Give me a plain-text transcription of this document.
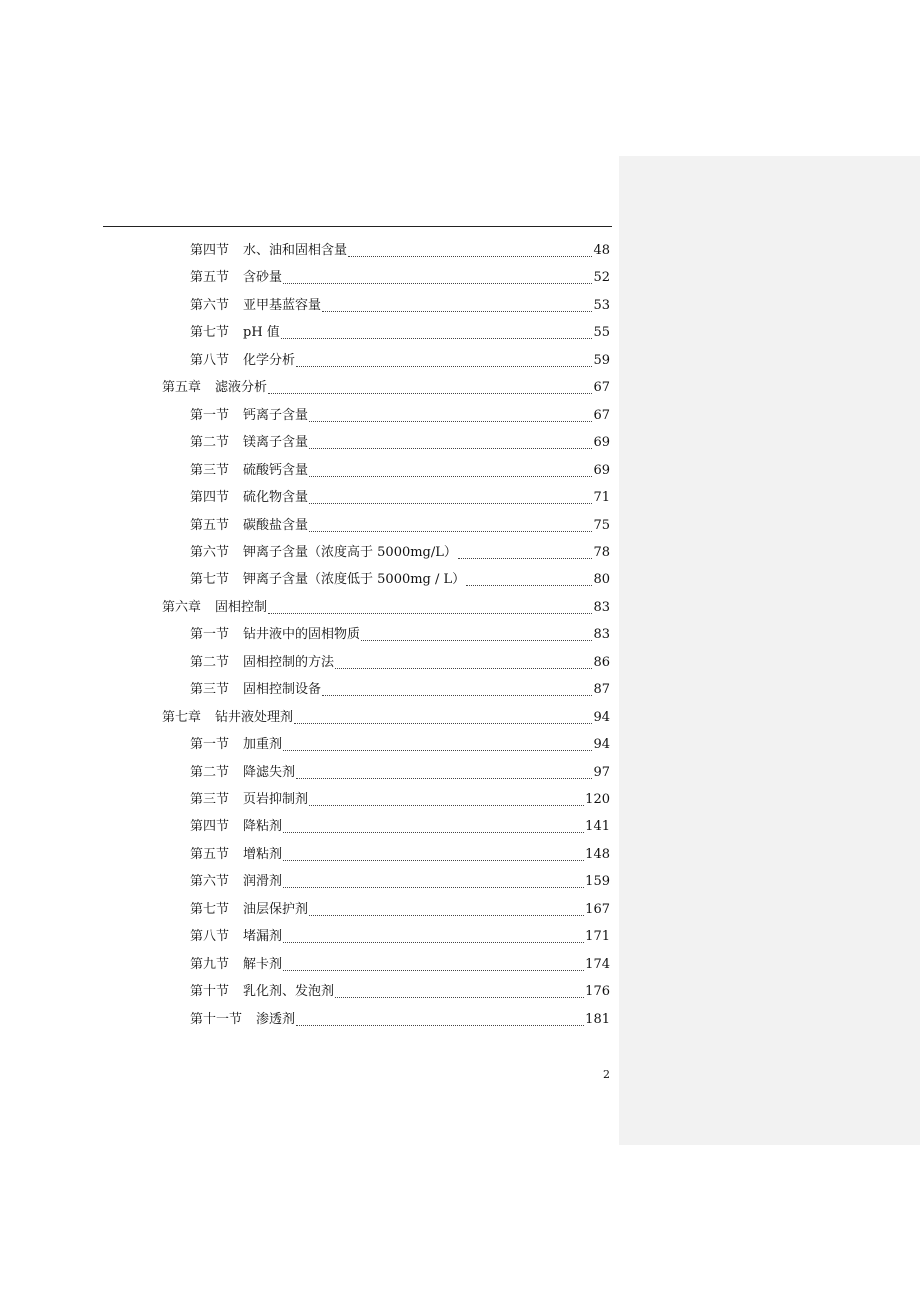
第四节	水、油和固相含量	48
第五节	含砂量	52
第六节	亚甲基蓝容量	53
第七节	pH 值	55
第八节	化学分析	59
第五章	滤液分析	67
第一节	钙离子含量	67
第二节	镁离子含量	69
第三节	硫酸钙含量	69
第四节	硫化物含量	71
第五节	碳酸盐含量	75
第六节	钾离子含量（浓度高于 5000mg/L）	78
第七节	钾离子含量（浓度低于 5000mg / L）	80
第六章	固相控制	83
第一节	钻井液中的固相物质	83
第二节	固相控制的方法	86
第三节	固相控制设备	87
第七章	钻井液处理剂	94
第一节	加重剂	94
第二节	降滤失剂	97
第三节	页岩抑制剂	120
第四节	降粘剂	141
第五节	增粘剂	148
第六节	润滑剂	159
第七节	油层保护剂	167
第八节	堵漏剂	171
第九节	解卡剂	174
第十节	乳化剂、发泡剂	176
第十一节	渗透剂	181
2
